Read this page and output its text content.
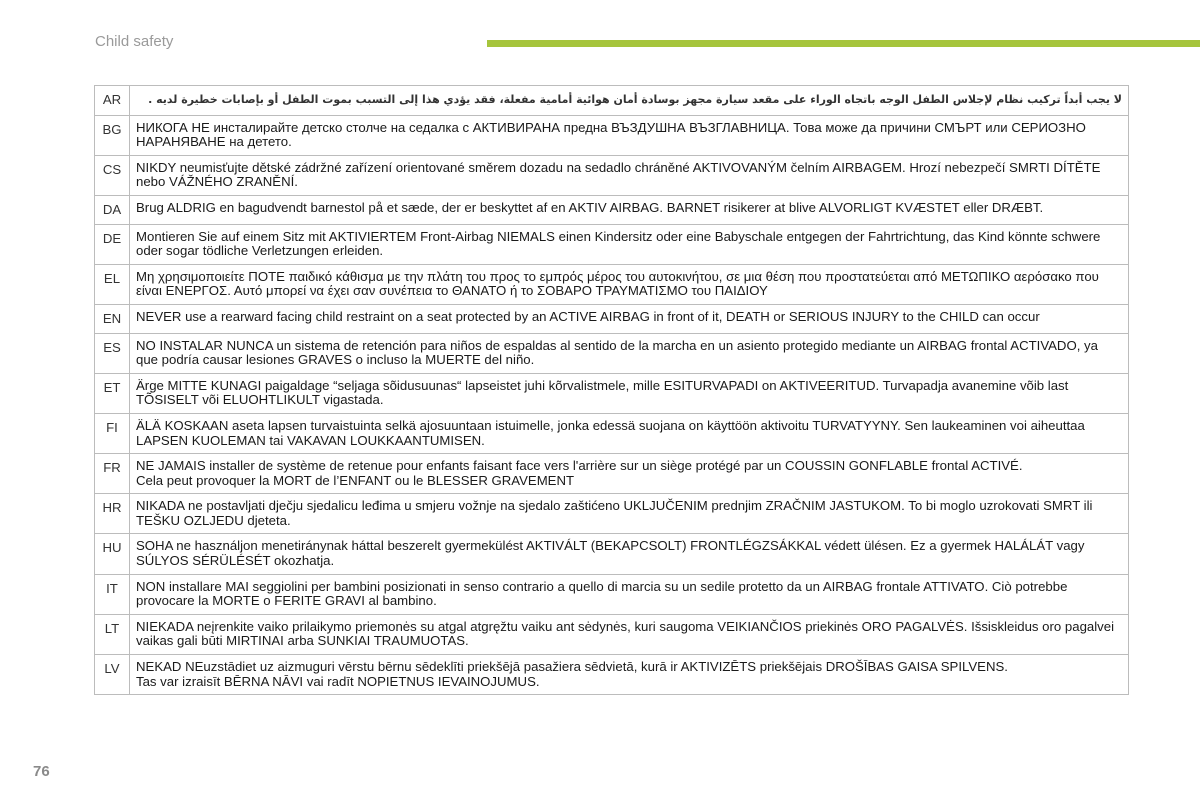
Child safety
AR	لا يجب أبداً تركيب نظام لإجلاس الطفل الوجه باتجاه الوراء على مقعد سيارة مجهز بوسادة أمان هوائية أمامية مفعلة، فقد يؤدي هذا إلى التسبب بموت الطفل أو بإصابات خطيرة لديه .
BG	НИКОГА НЕ инсталирайте детско столче на седалка с АКТИВИРАНА предна ВЪЗДУШНА ВЪЗГЛАВНИЦА. Това може да причини СМЪРТ или СЕРИОЗНО НАРАНЯВАНЕ на детето.
CS	NIKDY neumisťujte dětské zádržné zařízení orientované směrem dozadu na sedadlo chráněné AKTIVOVANÝM čelním AIRBAGEM. Hrozí nebezpečí SMRTI DÍTĚTE nebo VÁŽNÉHO ZRANĚNÍ.
DA	Brug ALDRIG en bagudvendt barnestol på et sæde, der er beskyttet af en AKTIV AIRBAG. BARNET risikerer at blive ALVORLIGT KVÆSTET eller DRÆBT.
DE	Montieren Sie auf einem Sitz mit AKTIVIERTEM Front-Airbag NIEMALS einen Kindersitz oder eine Babyschale entgegen der Fahrtrichtung, das Kind könnte schwere oder sogar tödliche Verletzungen erleiden.
EL	Μη χρησιμοποιείτε ΠΟΤΕ παιδικό κάθισμα με την πλάτη του προς το εμπρός μέρος του αυτοκινήτου, σε μια θέση που προστατεύεται από ΜΕΤΩΠΙΚΟ αερόσακο που είναι ΕΝΕΡΓΟΣ. Αυτό μπορεί να έχει σαν συνέπεια το ΘΑΝΑΤΟ ή το ΣΟΒΑΡΟ ΤΡΑΥΜΑΤΙΣΜΟ του ΠΑΙΔΙΟΥ
EN	NEVER use a rearward facing child restraint on a seat protected by an ACTIVE AIRBAG in front of it, DEATH or SERIOUS INJURY to the CHILD can occur
ES	NO INSTALAR NUNCA un sistema de retención para niños de espaldas al sentido de la marcha en un asiento protegido mediante un AIRBAG frontal ACTIVADO, ya que podría causar lesiones GRAVES o incluso la MUERTE del niño.
ET	Ärge MITTE KUNAGI paigaldage “seljaga sõidusuunas“ lapseistet juhi kõrvalistmele, mille ESITURVAPADI on AKTIVEERITUD. Turvapadja avanemine võib last TÕSISELT või ELUOHTLIKULT vigastada.
FI	ÄLÄ KOSKAAN aseta lapsen turvaistuinta selkä ajosuuntaan istuimelle, jonka edessä suojana on käyttöön aktivoitu TURVATYYNY. Sen laukeaminen voi aiheuttaa LAPSEN KUOLEMAN tai VAKAVAN LOUKKAANTUMISEN.
FR	NE JAMAIS installer de système de retenue pour enfants faisant face vers l'arrière sur un siège protégé par un COUSSIN GONFLABLE frontal ACTIVÉ.
Cela peut provoquer la MORT de l’ENFANT ou le BLESSER GRAVEMENT
HR	NIKADA ne postavljati dječju sjedalicu leđima u smjeru vožnje na sjedalo zaštićeno UKLJUČENIM prednjim ZRAČNIM JASTUKOM. To bi moglo uzrokovati SMRT ili TEŠKU OZLJEDU djeteta.
HU	SOHA ne használjon menetiránynak háttal beszerelt gyermekülést AKTIVÁLT (BEKAPCSOLT) FRONTLÉGZSÁKKAL védett ülésen. Ez a gyermek HALÁLÁT vagy SÚLYOS SÉRÜLÉSÉT okozhatja.
IT	NON installare MAI seggiolini per bambini posizionati in senso contrario a quello di marcia su un sedile protetto da un AIRBAG frontale ATTIVATO. Ciò potrebbe provocare la MORTE o FERITE GRAVI al bambino.
LT	NIEKADA neįrenkite vaiko prilaikymo priemonės su atgal atgręžtu vaiku ant sėdynės, kuri saugoma VEIKIANČIOS priekinės ORO PAGALVĖS. Išsiskleidus oro pagalvei vaikas gali būti MIRTINAI arba SUNKIAI TRAUMUOTAS.
LV	NEKAD NEuzstādiet uz aizmuguri vērstu bērnu sēdeklīti priekšējā pasažiera sēdvietā, kurā ir AKTIVIZĒTS priekšējais DROŠĪBAS GAISA SPILVENS.
Tas var izraisīt BĒRNA NĀVI vai radīt NOPIETNUS IEVAINOJUMUS.
76
